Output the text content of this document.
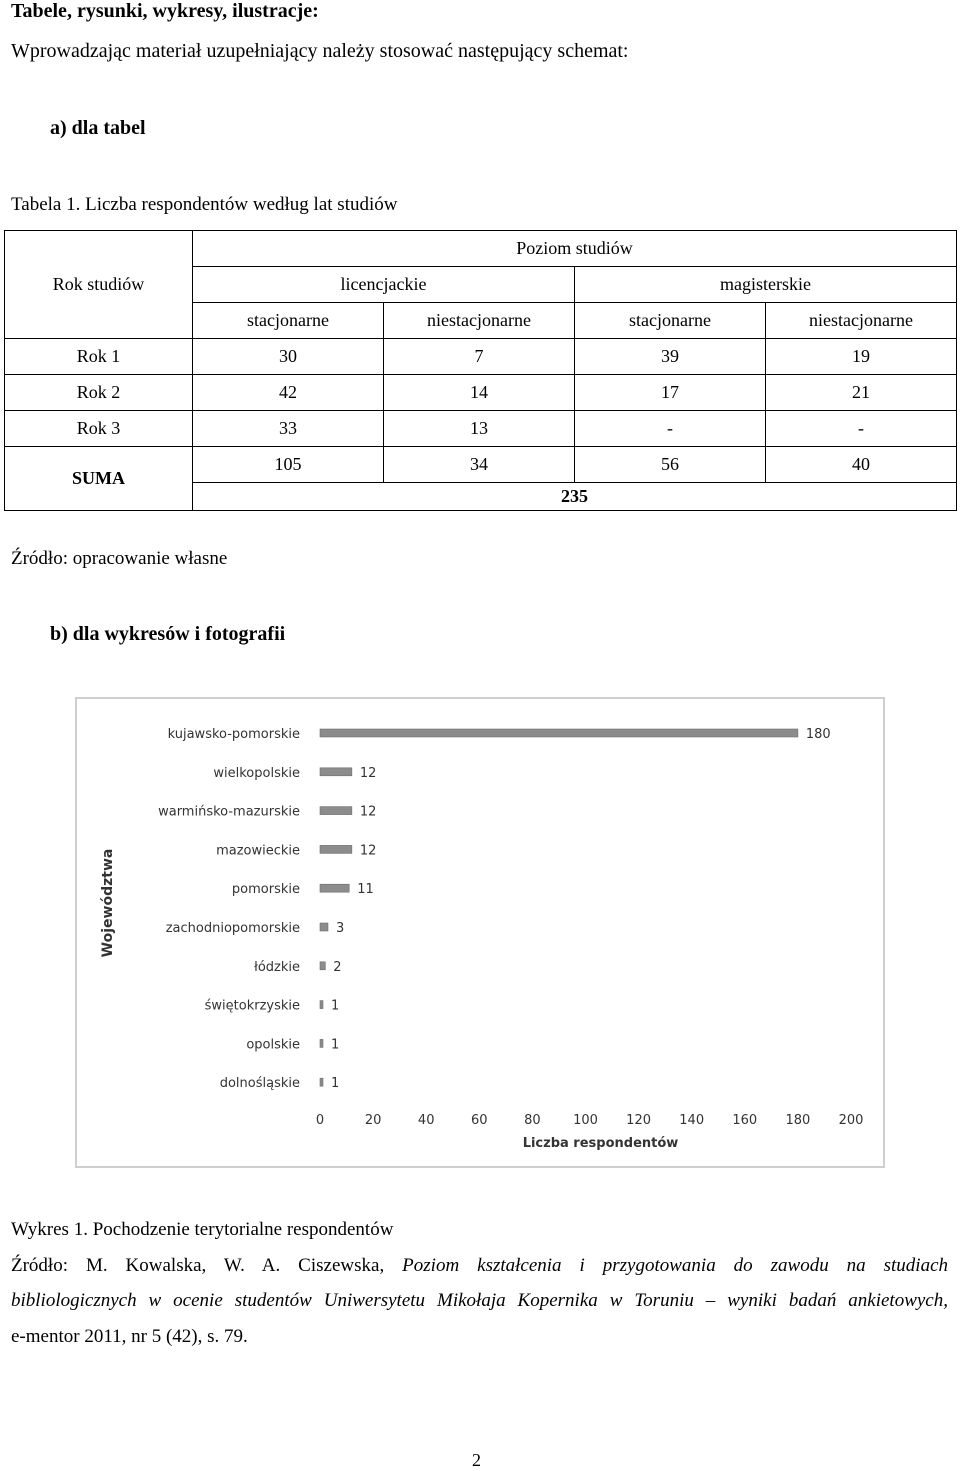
Tabele, rysunki, wykresy, ilustracje:
Wprowadzając materiał uzupełniający należy stosować następujący schemat:
a) dla tabel
Tabela 1. Liczba respondentów według lat studiów
Rok studiów	Poziom studiów			
	licencjackie		magisterskie	
	stacjonarne	niestacjonarne	stacjonarne	niestacjonarne
Rok 1	30	7	39	19
Rok 2	42	14	17	21
Rok 3	33	13	-	-
SUMA	105	34	56	40
	235			
Źródło: opracowanie własne
b) dla wykresów i fotografii
kujawsko-pomorskie	180
wielkopolskie	12
warmińsko-mazurskie	12
mazowieckie	12
pomorskie	11
zachodniopomorskie	3
łódzkie	2
świętokrzyskie 1
opolskie 1
dolnośląskie 1
0	20	40	60	80 100 120 140 160 180 200
Liczba respondentów
Województwa
Wykres 1. Pochodzenie terytorialne respondentów
Źródło: M. Kowalska, W. A. Ciszewska, Poziom kształcenia i przygotowania do zawodu na studiach
bibliologicznych w ocenie studentów Uniwersytetu Mikołaja Kopernika w Toruniu – wyniki badań ankietowych,
e-mentor 2011, nr 5 (42), s. 79.
2
